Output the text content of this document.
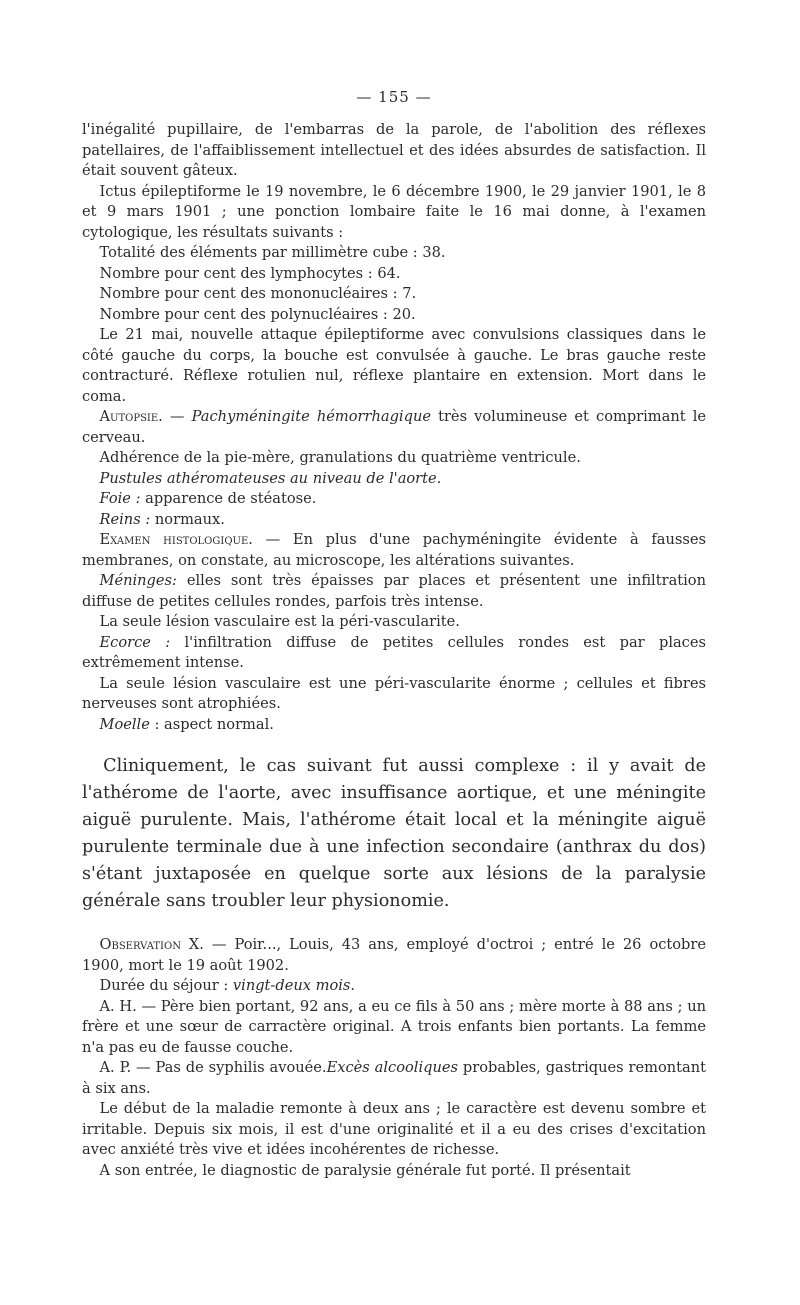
— 155 —

l'inégalité pupillaire, de l'embarras de la parole, de l'abolition des réflexes patellaires, de l'affaiblissement intellectuel et des idées absurdes de satisfaction. Il était souvent gâteux.

Ictus épileptiforme le 19 novembre, le 6 décembre 1900, le 29 janvier 1901, le 8 et 9 mars 1901 ; une ponction lombaire faite le 16 mai donne, à l'examen cytologique, les résultats suivants :

Totalité des éléments par millimètre cube : 38.

Nombre pour cent des lymphocytes : 64.

Nombre pour cent des mononucléaires : 7.

Nombre pour cent des polynucléaires : 20.

Le 21 mai, nouvelle attaque épileptiforme avec convulsions classiques dans le côté gauche du corps, la bouche est convulsée à gauche. Le bras gauche reste contracturé. Réflexe rotulien nul, réflexe plantaire en extension. Mort dans le coma.

Autopsie. — Pachyméningite hémorrhagique très volumineuse et comprimant le cerveau.

Adhérence de la pie-mère, granulations du quatrième ventricule.

Pustules athéromateuses au niveau de l'aorte.

Foie : apparence de stéatose.

Reins : normaux.

Examen histologique. — En plus d'une pachyméningite évidente à fausses membranes, on constate, au microscope, les altérations suivantes.

Méninges: elles sont très épaisses par places et présentent une infiltration diffuse de petites cellules rondes, parfois très intense.

La seule lésion vasculaire est la péri-vascularite.

Ecorce : l'infiltration diffuse de petites cellules rondes est par places extrêmement intense.

La seule lésion vasculaire est une péri-vascularite énorme ; cellules et fibres nerveuses sont atrophiées.

Moelle : aspect normal.

Cliniquement, le cas suivant fut aussi complexe : il y avait de l'athérome de l'aorte, avec insuffisance aortique, et une méningite aiguë purulente. Mais, l'athérome était local et la méningite aiguë purulente terminale due à une infection secondaire (anthrax du dos) s'étant juxtaposée en quelque sorte aux lésions de la paralysie générale sans troubler leur physionomie.

Observation X. — Poir..., Louis, 43 ans, employé d'octroi ; entré le 26 octobre 1900, mort le 19 août 1902.

Durée du séjour : vingt-deux mois.

A. H. — Père bien portant, 92 ans, a eu ce fils à 50 ans ; mère morte à 88 ans ; un frère et une sœur de carractère original. A trois enfants bien portants. La femme n'a pas eu de fausse couche.

A. P. — Pas de syphilis avouée.Excès alcooliques probables, gastriques remontant à six ans.

Le début de la maladie remonte à deux ans ; le caractère est devenu sombre et irritable. Depuis six mois, il est d'une originalité et il a eu des crises d'excitation avec anxiété très vive et idées incohérentes de richesse.

A son entrée, le diagnostic de paralysie générale fut porté. Il présentait
